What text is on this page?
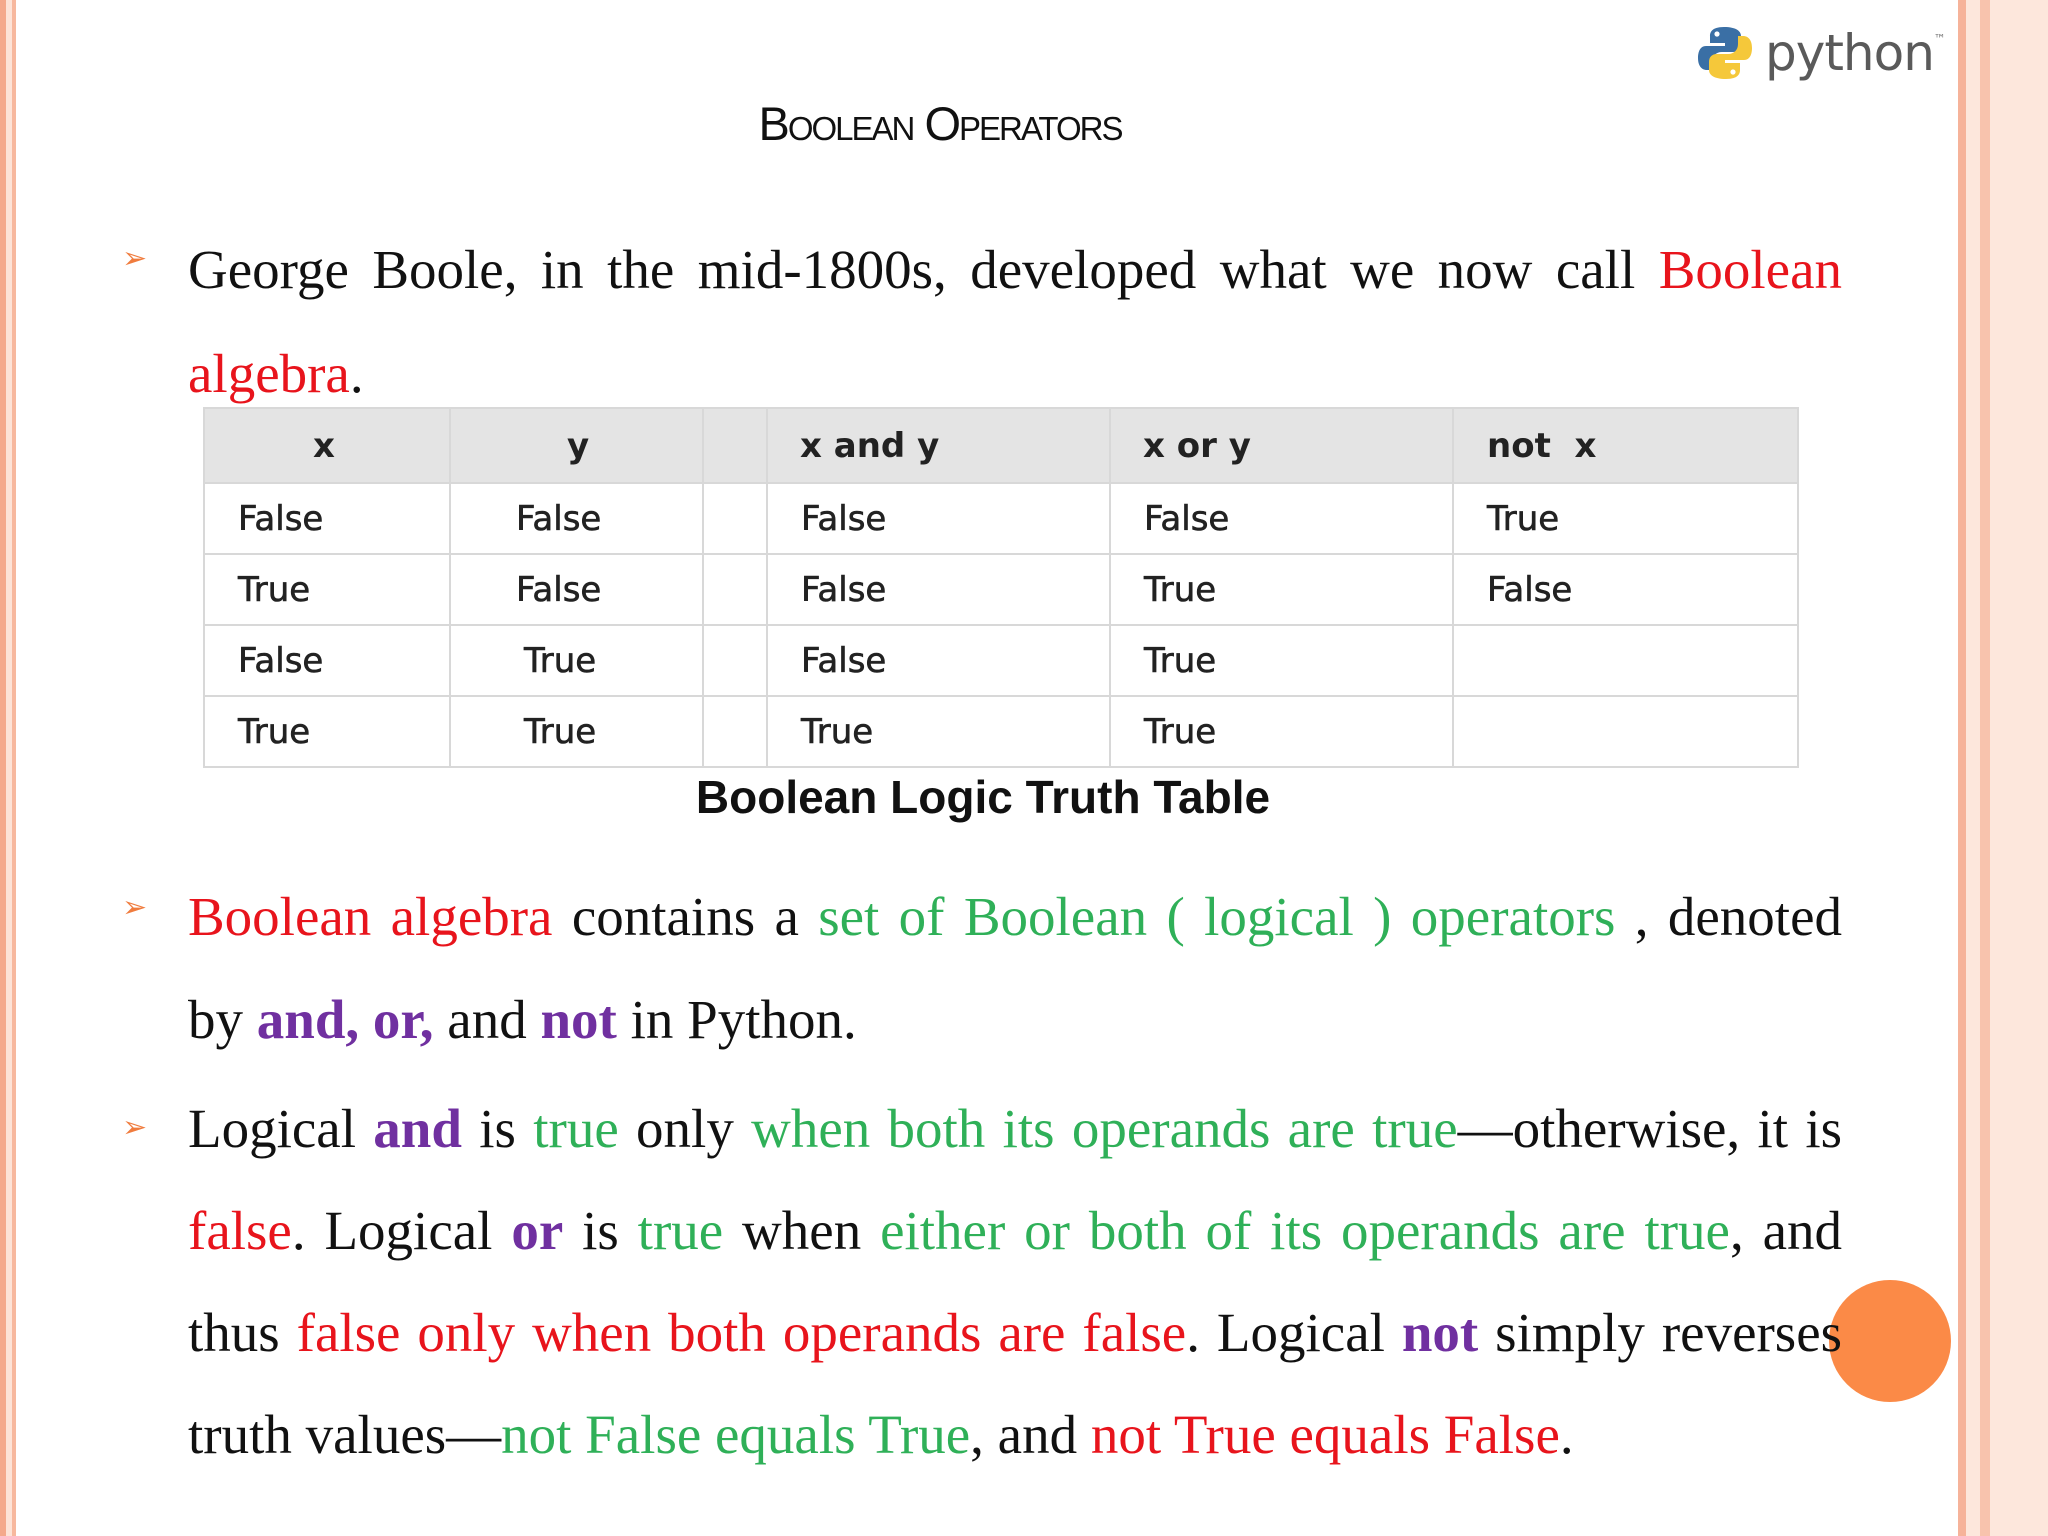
python ™
Boolean Operators
➢ George Boole, in the mid-1800s, developed what we now call Boolean algebra.

x	y		x and y	x or y	not  x
False	False		False	False	True
True	False		False	True	False
False	True		False	True	
True	True		True	True	
Boolean Logic Truth Table
➢ Boolean algebra contains a set of Boolean ( logical ) operators , denoted by and, or, and not in Python.

➢ Logical and is true only when both its operands are true—otherwise, it is false. Logical or is true when either or both of its operands are true, and thus false only when both operands are false. Logical not simply reverses truth values—not False equals True, and not True equals False.
